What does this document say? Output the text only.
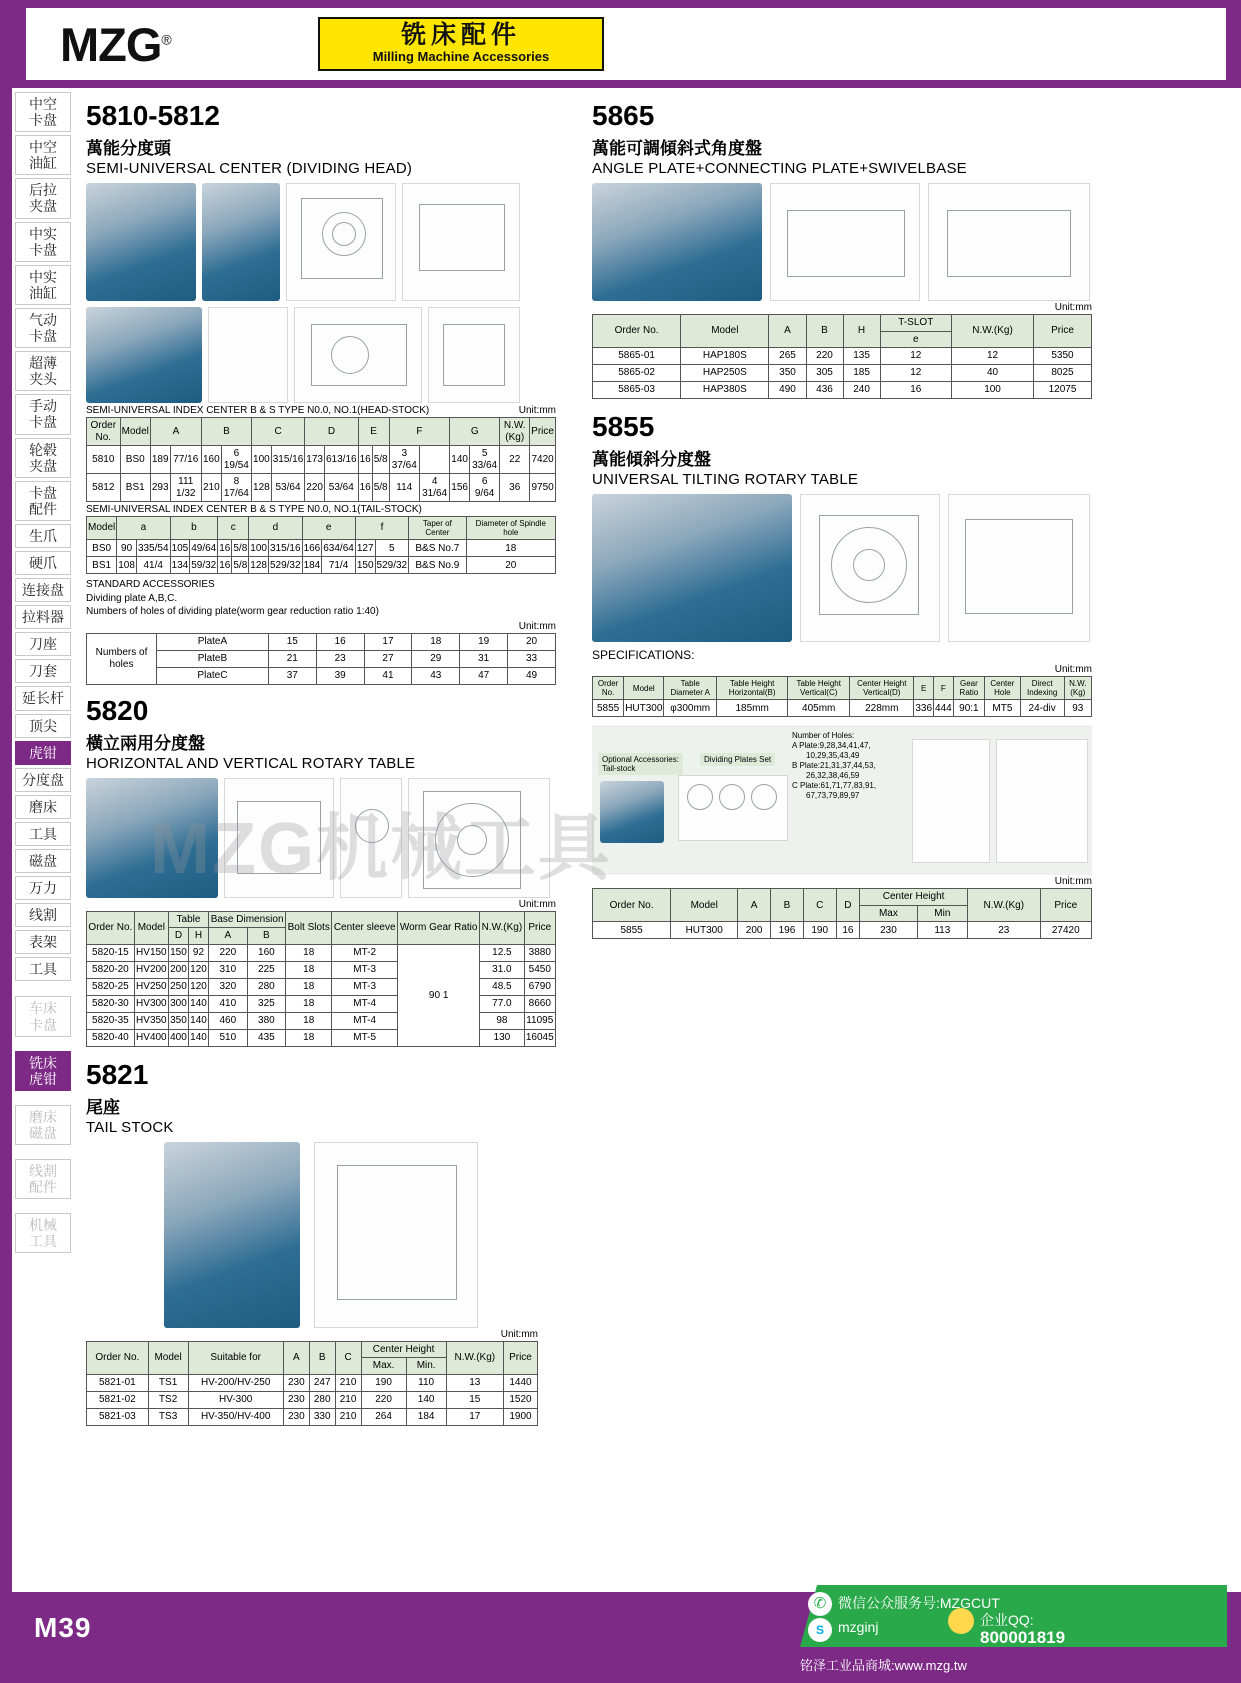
MZG®	铣床配件
Milling Machine Accessories
中空
卡盘
中空
油缸
后拉
夹盘
中实
卡盘
中实
油缸
气动
卡盘
超薄
夹头
手动
卡盘
轮毂
夹盘
卡盘
配件
生爪
硬爪
连接盘
拉料器
刀座
刀套
延长杆
顶尖
虎钳
分度盘
磨床
工具
磁盘
万力
线割
表架
工具
车床
卡盘
铣床
虎钳
磨床
磁盘
线割
配件
机械
工具
5810-5812
萬能分度頭
SEMI-UNIVERSAL CENTER (DIVIDING HEAD)
SEMI-UNIVERSAL INDEX CENTER B & S TYPE N0.0, NO.1(HEAD-STOCK)	Unit:mm
Order No.	Model	A		B		C		D		E		F		G		N.W.(Kg)	Price
5810	BS0	189	77/16	160	6 19/54	100	315/16	173	613/16	16	5/8	3 37/64		140	5 33/64	22	7420
5812	BS1	293	111 1/32	210	8 17/64	128	53/64	220	53/64	16	5/8	114	4 31/64	156	6 9/64	36	9750
SEMI-UNIVERSAL INDEX CENTER B & S TYPE N0.0, NO.1(TAIL-STOCK)
Model	a		b		c		d		e		f		Taper of Center	Diameter of Spindle hole
BS0	90	335/54	105	49/64	16	5/8	100	315/16	166	634/64	127	5	B&S No.7	18
BS1	108	41/4	134	59/32	16	5/8	128	529/32	184	71/4	150	529/32	B&S No.9	20
STANDARD ACCESSORIES
Dividing plate A,B,C.
Numbers of holes of dividing plate(worm gear reduction ratio 1:40)
Unit:mm
Numbers of holes	PlateA	15	16	17	18	19	20
	PlateB	21	23	27	29	31	33
	PlateC	37	39	41	43	47	49
5820
橫立兩用分度盤
HORIZONTAL AND VERTICAL ROTARY TABLE
Unit:mm
Order No.	Model	Table		Base Dimension		Bolt Slots	Center sleeve	Worm Gear Ratio	N.W.(Kg)	Price
		D	H	A	B					
5820-15	HV150	150	92	220	160	18	MT-2	90 1	12.5	3880
5820-20	HV200	200	120	310	225	18	MT-3		31.0	5450
5820-25	HV250	250	120	320	280	18	MT-3		48.5	6790
5820-30	HV300	300	140	410	325	18	MT-4		77.0	8660
5820-35	HV350	350	140	460	380	18	MT-4		98	11095
5820-40	HV400	400	140	510	435	18	MT-5		130	16045
5821
尾座
TAIL STOCK
Unit:mm
Order No.	Model	Suitable for	A	B	C	Center Height		N.W.(Kg)	Price
						Max.	Min.		
5821-01	TS1	HV-200/HV-250	230	247	210	190	110	13	1440
5821-02	TS2	HV-300	230	280	210	220	140	15	1520
5821-03	TS3	HV-350/HV-400	230	330	210	264	184	17	1900
5865
萬能可調傾斜式角度盤
ANGLE PLATE+CONNECTING PLATE+SWIVELBASE
Unit:mm
Order No.	Model	A	B	H	T-SLOT	N.W.(Kg)	Price
					e		
5865-01	HAP180S	265	220	135	12	12	5350
5865-02	HAP250S	350	305	185	12	40	8025
5865-03	HAP380S	490	436	240	16	100	12075
5855
萬能傾斜分度盤
UNIVERSAL TILTING ROTARY TABLE
SPECIFICATIONS:
Unit:mm
Order No.	Model	Table Diameter A	Table Height Horizontal(B)	Table Height Vertical(C)	Center Height Vertical(D)	E	F	Gear Ratio	Center Hole	Direct Indexing	N.W.(Kg)
5855	HUT300	φ300mm	185mm	405mm	228mm	336	444	90:1	MT5	24-div	93
Optional Accessories:
Tail-stock
Dividing Plates Set
Number of Holes:
A Plate:9,28,34,41,47,
10,29,35,43,49
B Plate:21,31,37,44,53,
26,32,38,46,59
C Plate:61,71,77,83,91,
67,73,79,89,97
Unit:mm
Order No.	Model	A	B	C	D	Center Height		N.W.(Kg)	Price
						Max	Min		
5855	HUT300	200	196	190	16	230	113	23	27420
MZG机械工具
M39
✆
S
微信公众服务号:MZGCUT
mzginj	企业QQ:
800001819
铭泽工业品商城:www.mzg.tw
